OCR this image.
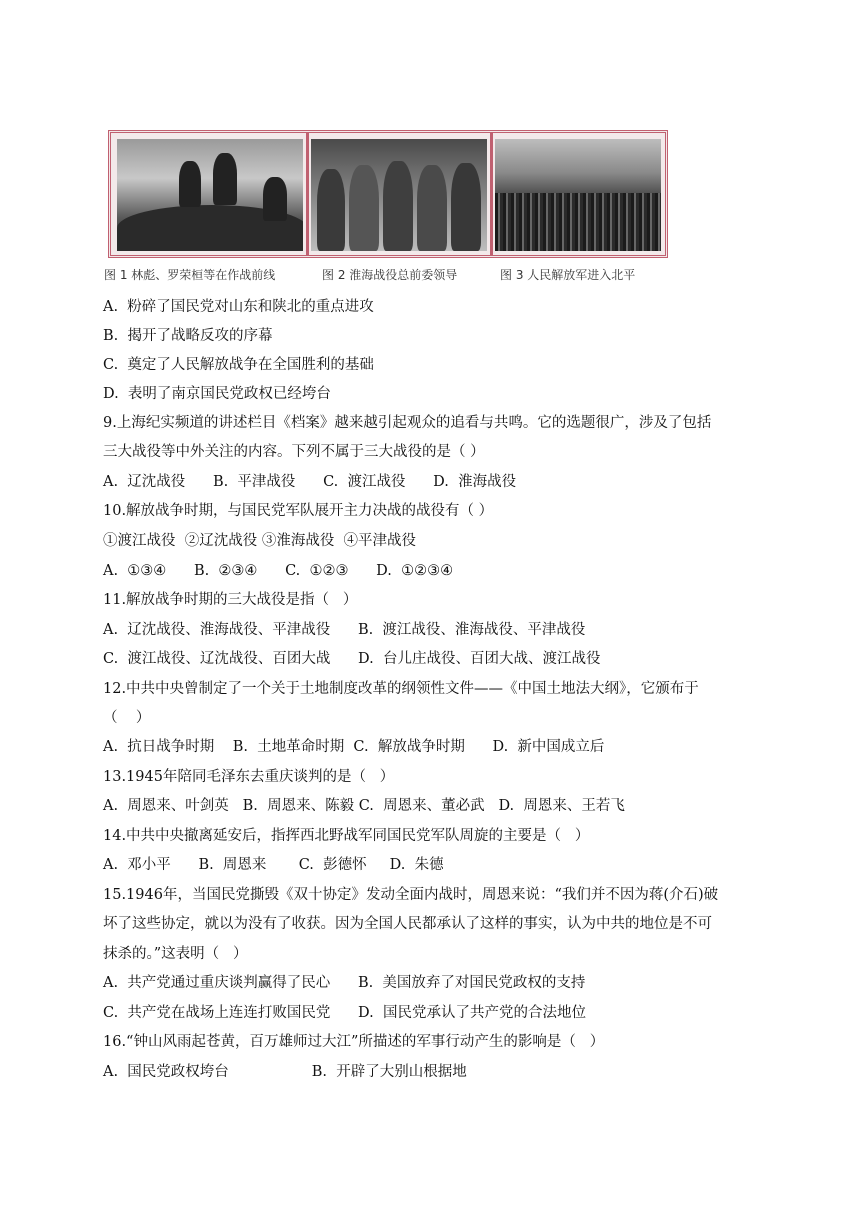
图 1 林彪、罗荣桓等在作战前线	图 2 淮海战役总前委领导	图 3 人民解放军进入北平
A.  粉碎了国民党对山东和陕北的重点进攻
B.  揭开了战略反攻的序幕
C.  奠定了人民解放战争在全国胜利的基础
D.  表明了南京国民党政权已经垮台
9.上海纪实频道的讲述栏目《档案》越来越引起观众的追看与共鸣。它的选题很广，涉及了包括
三大战役等中外关注的内容。下列不属于三大战役的是（ ）
A.  辽沈战役      B.  平津战役      C.  渡江战役      D.  淮海战役
10.解放战争时期，与国民党军队展开主力决战的战役有（ ）
①渡江战役  ②辽沈战役 ③淮海战役  ④平津战役
A.  ①③④      B.  ②③④      C.  ①②③      D.  ①②③④
11.解放战争时期的三大战役是指（   ）
A.  辽沈战役、淮海战役、平津战役      B.  渡江战役、淮海战役、平津战役
C.  渡江战役、辽沈战役、百团大战      D.  台儿庄战役、百团大战、渡江战役
12.中共中央曾制定了一个关于土地制度改革的纲领性文件——《中国土地法大纲》，它颁布于
（    ）
A.  抗日战争时期    B.  土地革命时期  C.  解放战争时期      D.  新中国成立后
13.1945年陪同毛泽东去重庆谈判的是（   ）
A.  周恩来、叶剑英   B.  周恩来、陈毅 C.  周恩来、董必武   D.  周恩来、王若飞
14.中共中央撤离延安后，指挥西北野战军同国民党军队周旋的主要是（   ）
A.  邓小平      B.  周恩来       C.  彭德怀     D.  朱德
15.1946年，当国民党撕毁《双十协定》发动全面内战时，周恩来说：“我们并不因为蒋(介石)破
坏了这些协定，就以为没有了收获。因为全国人民都承认了这样的事实，认为中共的地位是不可
抹杀的。”这表明（   ）
A.  共产党通过重庆谈判赢得了民心      B.  美国放弃了对国民党政权的支持
C.  共产党在战场上连连打败国民党      D.  国民党承认了共产党的合法地位
16.“钟山风雨起苍黄，百万雄师过大江”所描述的军事行动产生的影响是（   ）
A.  国民党政权垮台                  B.  开辟了大别山根据地
